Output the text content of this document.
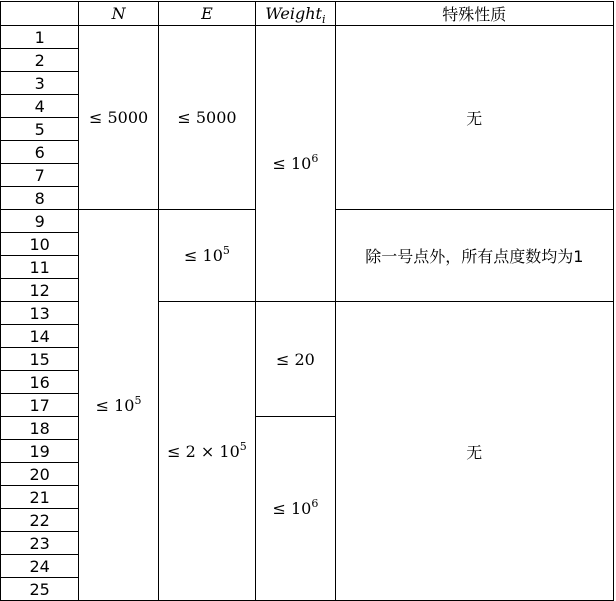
	N	E	Weight$_i$	特殊性质
1	≤ 5000	≤ 5000	≤ $10^6$	无
2				
3				
4				
5				
6				
7				
8				
9	≤ $10^5$	≤ $10^5$		除一号点外，所有点度数均为1
10				
11				
12				
13		≤ $2 \times 10^5$	≤ 20	无
14				
15				
16				
17				
18			≤ $10^6$
19				
20				
21				
22				
23				
24				
25				
